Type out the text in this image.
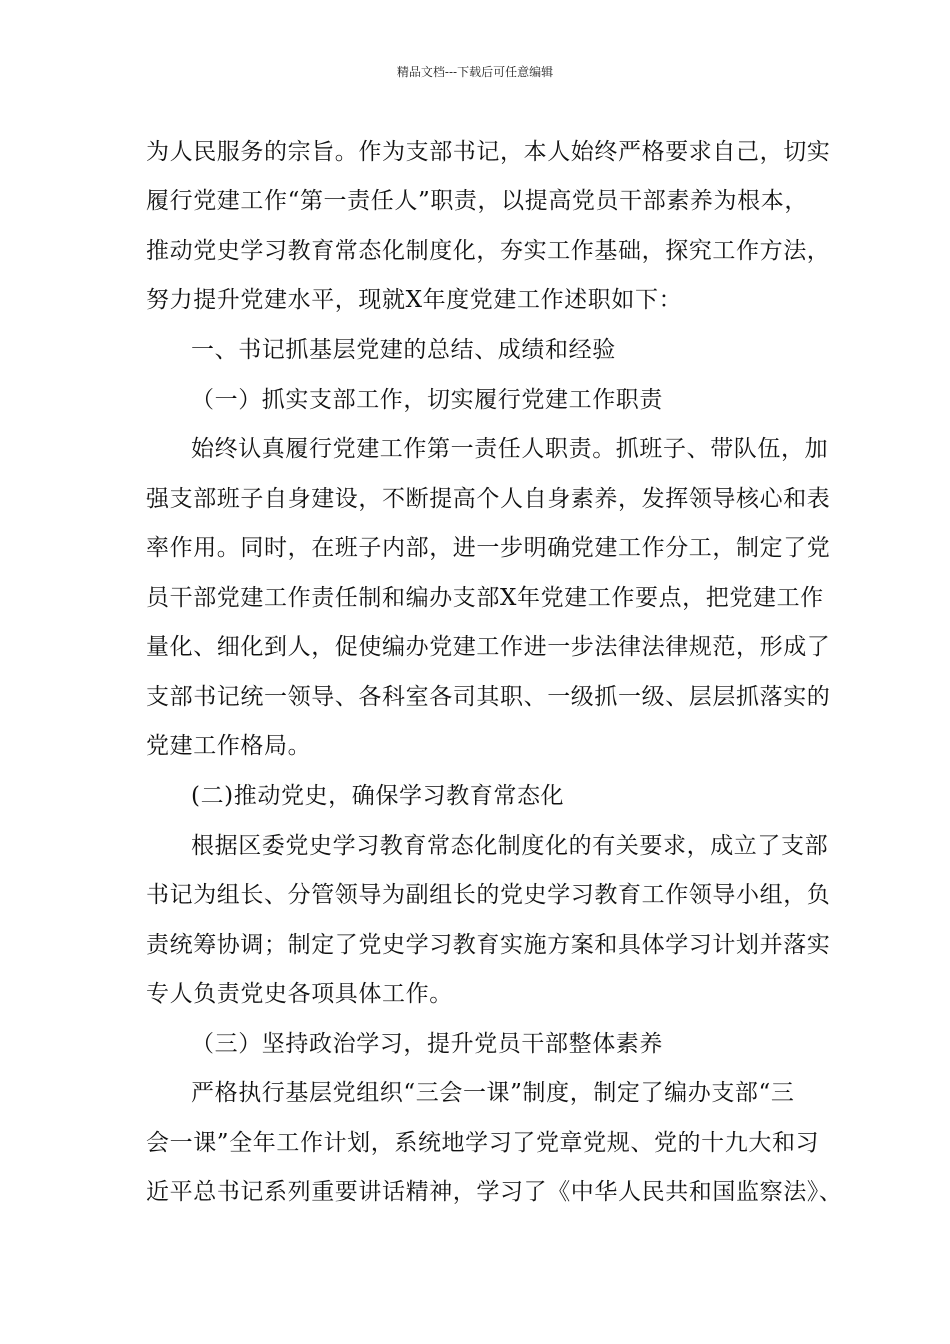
精品文档---下载后可任意编辑
为人民服务的宗旨。作为支部书记，本人始终严格要求自己，切实
履行党建工作“第一责任人”职责，以提高党员干部素养为根本，
推动党史学习教育常态化制度化，夯实工作基础，探究工作方法，
努力提升党建水平，现就X年度党建工作述职如下：
一、书记抓基层党建的总结、成绩和经验
（一）抓实支部工作，切实履行党建工作职责
始终认真履行党建工作第一责任人职责。抓班子、带队伍，加
强支部班子自身建设，不断提高个人自身素养，发挥领导核心和表
率作用。同时，在班子内部，进一步明确党建工作分工，制定了党
员干部党建工作责任制和编办支部X年党建工作要点，把党建工作
量化、细化到人，促使编办党建工作进一步法律法律规范，形成了
支部书记统一领导、各科室各司其职、一级抓一级、层层抓落实的
党建工作格局。
(二)推动党史，确保学习教育常态化
根据区委党史学习教育常态化制度化的有关要求，成立了支部
书记为组长、分管领导为副组长的党史学习教育工作领导小组，负
责统筹协调；制定了党史学习教育实施方案和具体学习计划并落实
专人负责党史各项具体工作。
（三）坚持政治学习，提升党员干部整体素养
严格执行基层党组织“三会一课”制度，制定了编办支部“三
会一课”全年工作计划，系统地学习了党章党规、党的十九大和习
近平总书记系列重要讲话精神，学习了《中华人民共和国监察法》、
